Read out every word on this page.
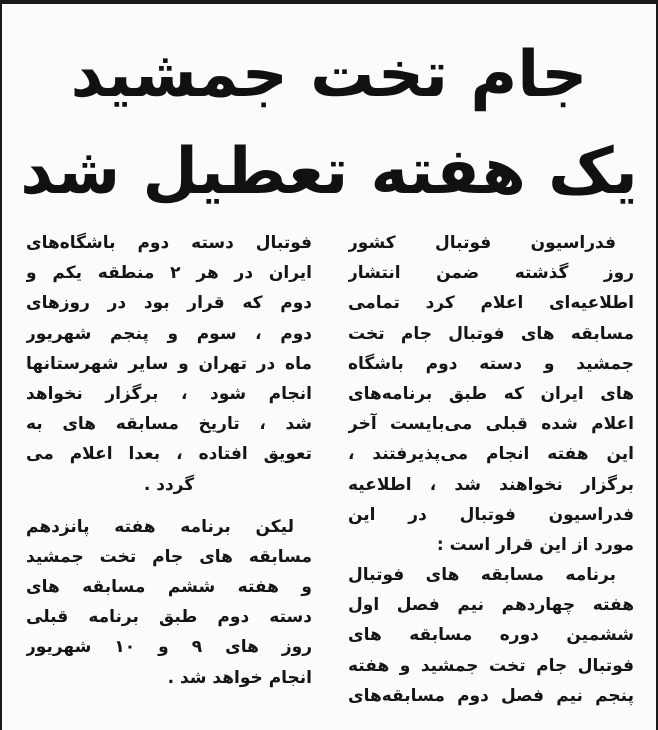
جام تخت جمشید
یک هفته تعطیل شد
فدراسیون فوتبال کشور
روز گذشته ضمن انتشار
اطلاعیه‌ای اعلام کرد تمامی
مسابقه های فوتبال جام تخت
جمشید و دسته دوم باشگاه
های ایران که طبق برنامه‌های
اعلام شده قبلی می‌بایست آخر
این هفته انجام می‌پذیرفتند ،
برگزار نخواهند شد ، اطلاعیه
فدراسیون فوتبال در این
مورد از این قرار است :
برنامه مسابقه های فوتبال
هفته چهاردهم نیم فصل اول
ششمین دوره مسابقه های
فوتبال جام تخت جمشید و هفته
پنجم نیم فصل دوم مسابقه‌های
فوتبال دسته دوم باشگاه‌های
ایران در هر ۲ منطقه یکم و
دوم که قرار بود در روزهای
دوم ، سوم و پنجم شهریور
ماه در تهران و سایر شهرستانها
انجام شود ، برگزار نخواهد
شد ، تاریخ مسابقه های به
تعویق افتاده ، بعدا اعلام می
گردد .
لیکن برنامه هفته پانزدهم
مسابقه های جام تخت جمشید
و هفته ششم مسابقه های
دسته دوم طبق برنامه قبلی
روز های ۹ و ۱۰ شهریور
انجام خواهد شد .
